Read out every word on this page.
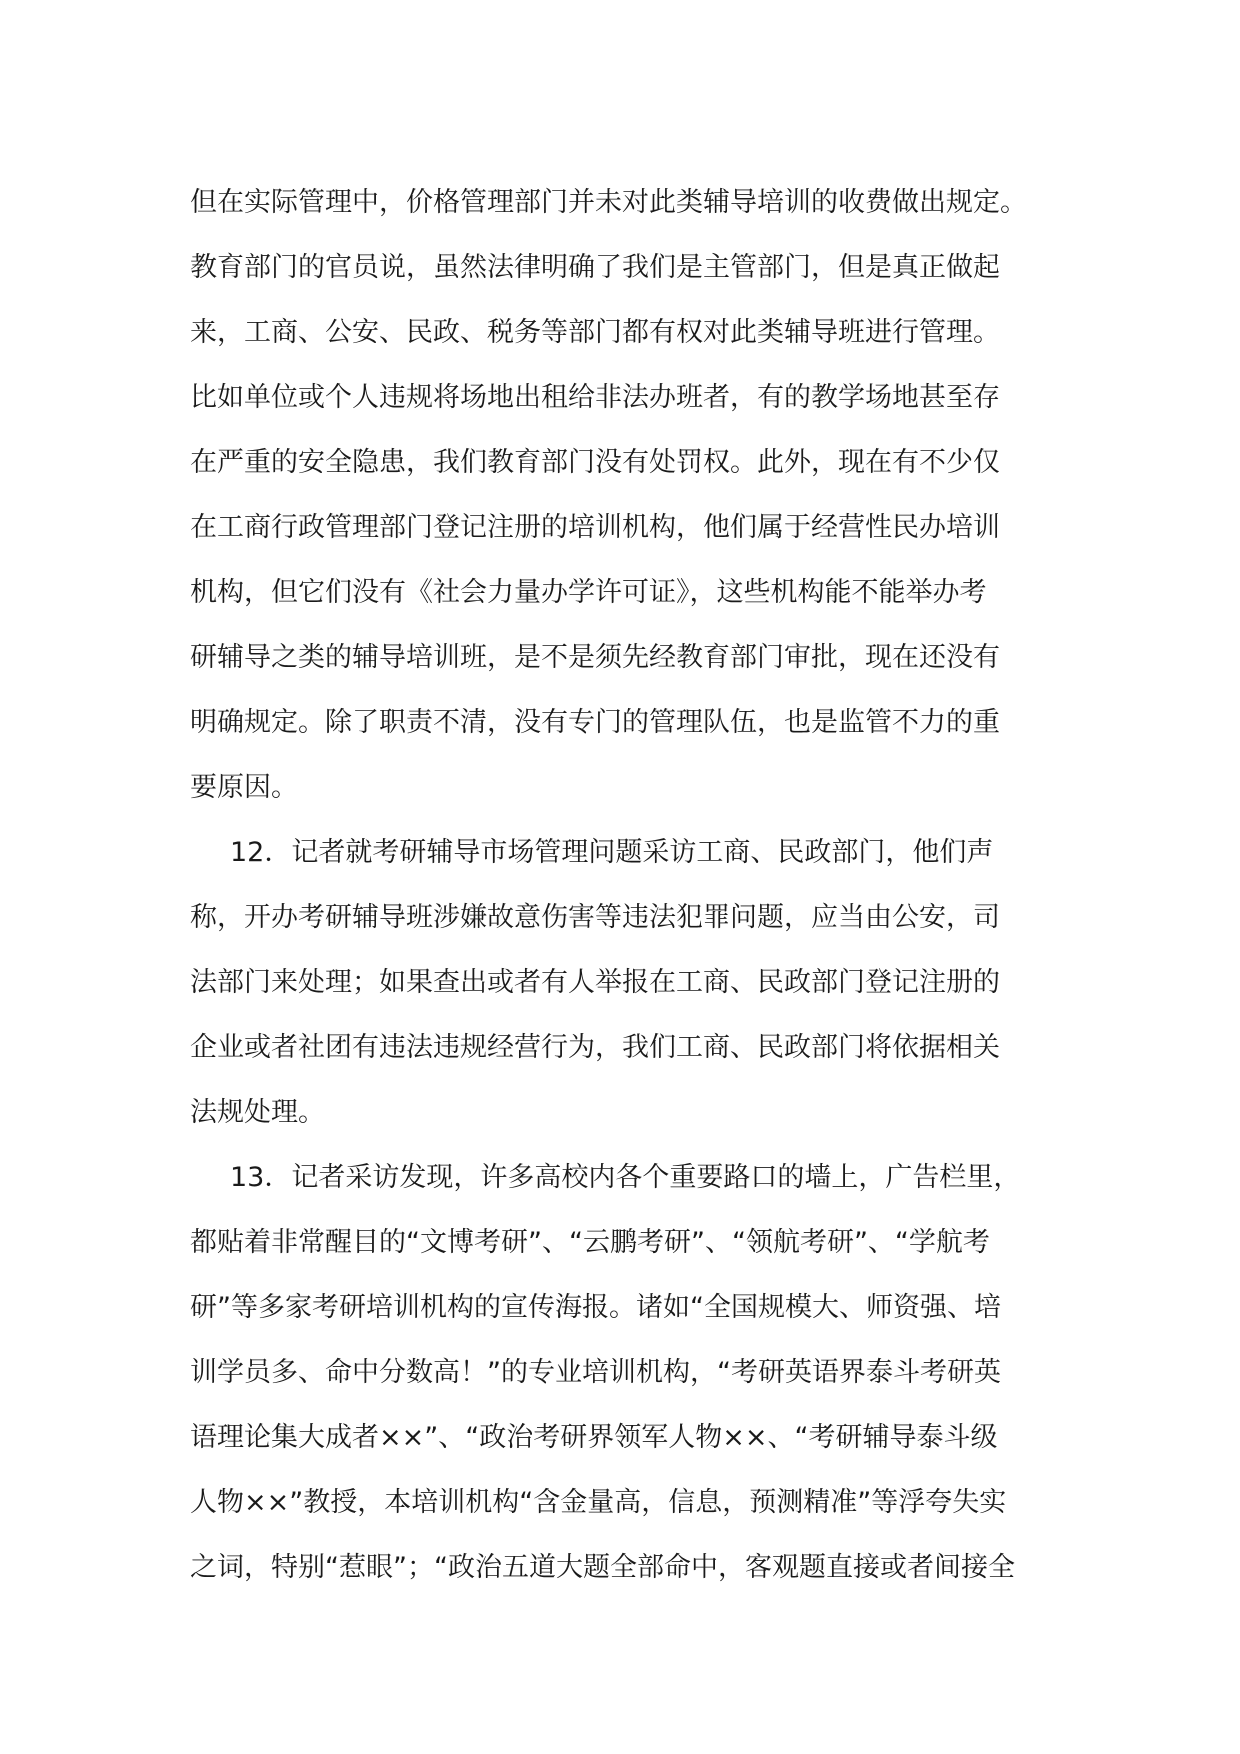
但在实际管理中，价格管理部门并未对此类辅导培训的收费做出规定。
教育部门的官员说，虽然法律明确了我们是主管部门，但是真正做起
来，工商、公安、民政、税务等部门都有权对此类辅导班进行管理。
比如单位或个人违规将场地出租给非法办班者，有的教学场地甚至存
在严重的安全隐患，我们教育部门没有处罚权。此外，现在有不少仅
在工商行政管理部门登记注册的培训机构，他们属于经营性民办培训
机构，但它们没有《社会力量办学许可证》，这些机构能不能举办考
研辅导之类的辅导培训班，是不是须先经教育部门审批，现在还没有
明确规定。除了职责不清，没有专门的管理队伍，也是监管不力的重
要原因。
12．记者就考研辅导市场管理问题采访工商、民政部门，他们声
称，开办考研辅导班涉嫌故意伤害等违法犯罪问题，应当由公安，司
法部门来处理；如果查出或者有人举报在工商、民政部门登记注册的
企业或者社团有违法违规经营行为，我们工商、民政部门将依据相关
法规处理。
13．记者采访发现，许多高校内各个重要路口的墙上，广告栏里，
都贴着非常醒目的“文博考研”、“云鹏考研”、“领航考研”、“学航考
研”等多家考研培训机构的宣传海报。诸如“全国规模大、师资强、培
训学员多、命中分数高！”的专业培训机构，“考研英语界泰斗考研英
语理论集大成者××”、“政治考研界领军人物××、“考研辅导泰斗级
人物××”教授，本培训机构“含金量高，信息，预测精准”等浮夸失实
之词，特别“惹眼”；“政治五道大题全部命中，客观题直接或者间接全
